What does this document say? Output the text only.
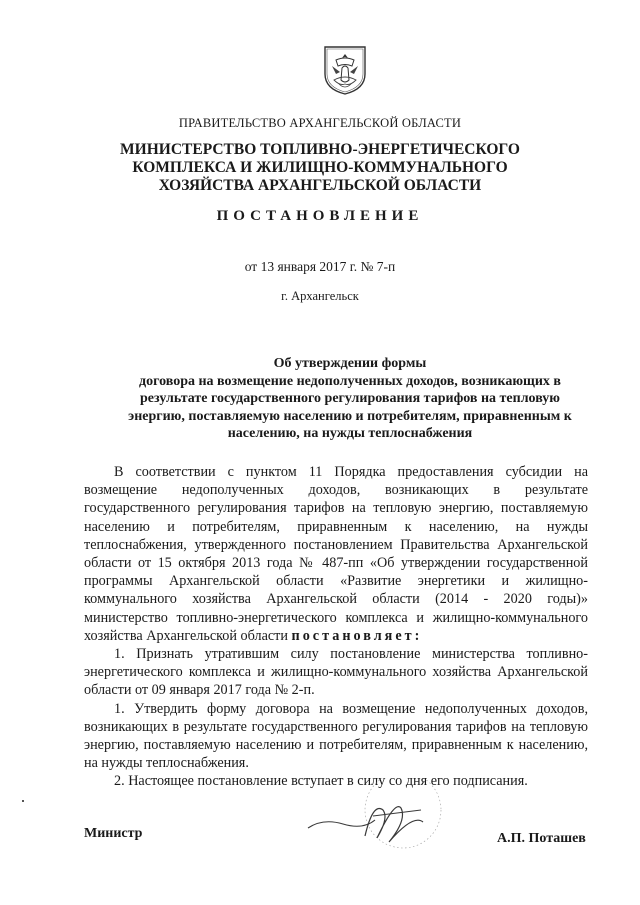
ПРАВИТЕЛЬСТВО АРХАНГЕЛЬСКОЙ ОБЛАСТИ
МИНИСТЕРСТВО ТОПЛИВНО-ЭНЕРГЕТИЧЕСКОГО
КОМПЛЕКСА И ЖИЛИЩНО-КОММУНАЛЬНОГО
ХОЗЯЙСТВА АРХАНГЕЛЬСКОЙ ОБЛАСТИ
ПОСТАНОВЛЕНИЕ
от 13 января 2017 г. № 7-п
г. Архангельск
Об утверждении формы
договора на возмещение недополученных доходов, возникающих в результате государственного регулирования тарифов на тепловую энергию, поставляемую населению и потребителям, приравненным к населению, на нужды теплоснабжения

В соответствии с пунктом 11 Порядка предоставления субсидии на возмещение недополученных доходов, возникающих в результате государственного регулирования тарифов на тепловую энергию, поставляемую населению и потребителям, приравненным к населению, на нужды теплоснабжения, утвержденного постановлением Правительства Архангельской области от 15 октября 2013 года № 487-пп «Об утверждении государственной программы Архангельской области «Развитие энергетики и жилищно-коммунального хозяйства Архангельской области (2014 - 2020 годы)» министерство топливно-энергетического комплекса и жилищно-коммунального хозяйства Архангельской области постановляет:

1. Признать утратившим силу постановление министерства топливно-энергетического комплекса и жилищно-коммунального хозяйства Архангельской области от 09 января 2017 года № 2-п.

1. Утвердить форму договора на возмещение недополученных доходов, возникающих в результате государственного регулирования тарифов на тепловую энергию, поставляемую населению и потребителям, приравненным к населению, на нужды теплоснабжения.

2. Настоящее постановление вступает в силу со дня его подписания.

Министр	А.П. Поташев
